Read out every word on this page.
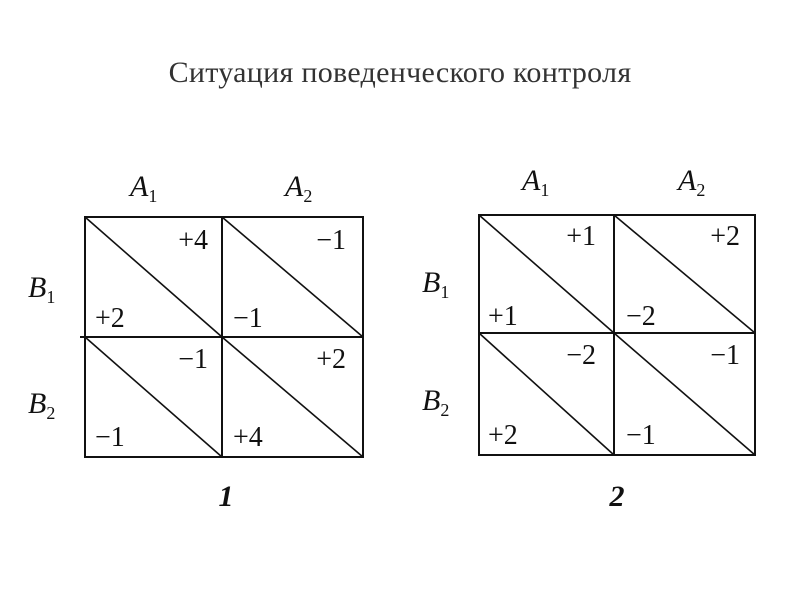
Ситуация поведенческого контроля
$A_1$	$A_2$
$B_1$
$B_2$
+4
+2
−1
−1
−1
−1
+2
+4
1
$A_1$	$A_2$
$B_1$
$B_2$
+1
+1
+2
−2
−2
+2
−1
−1
2
